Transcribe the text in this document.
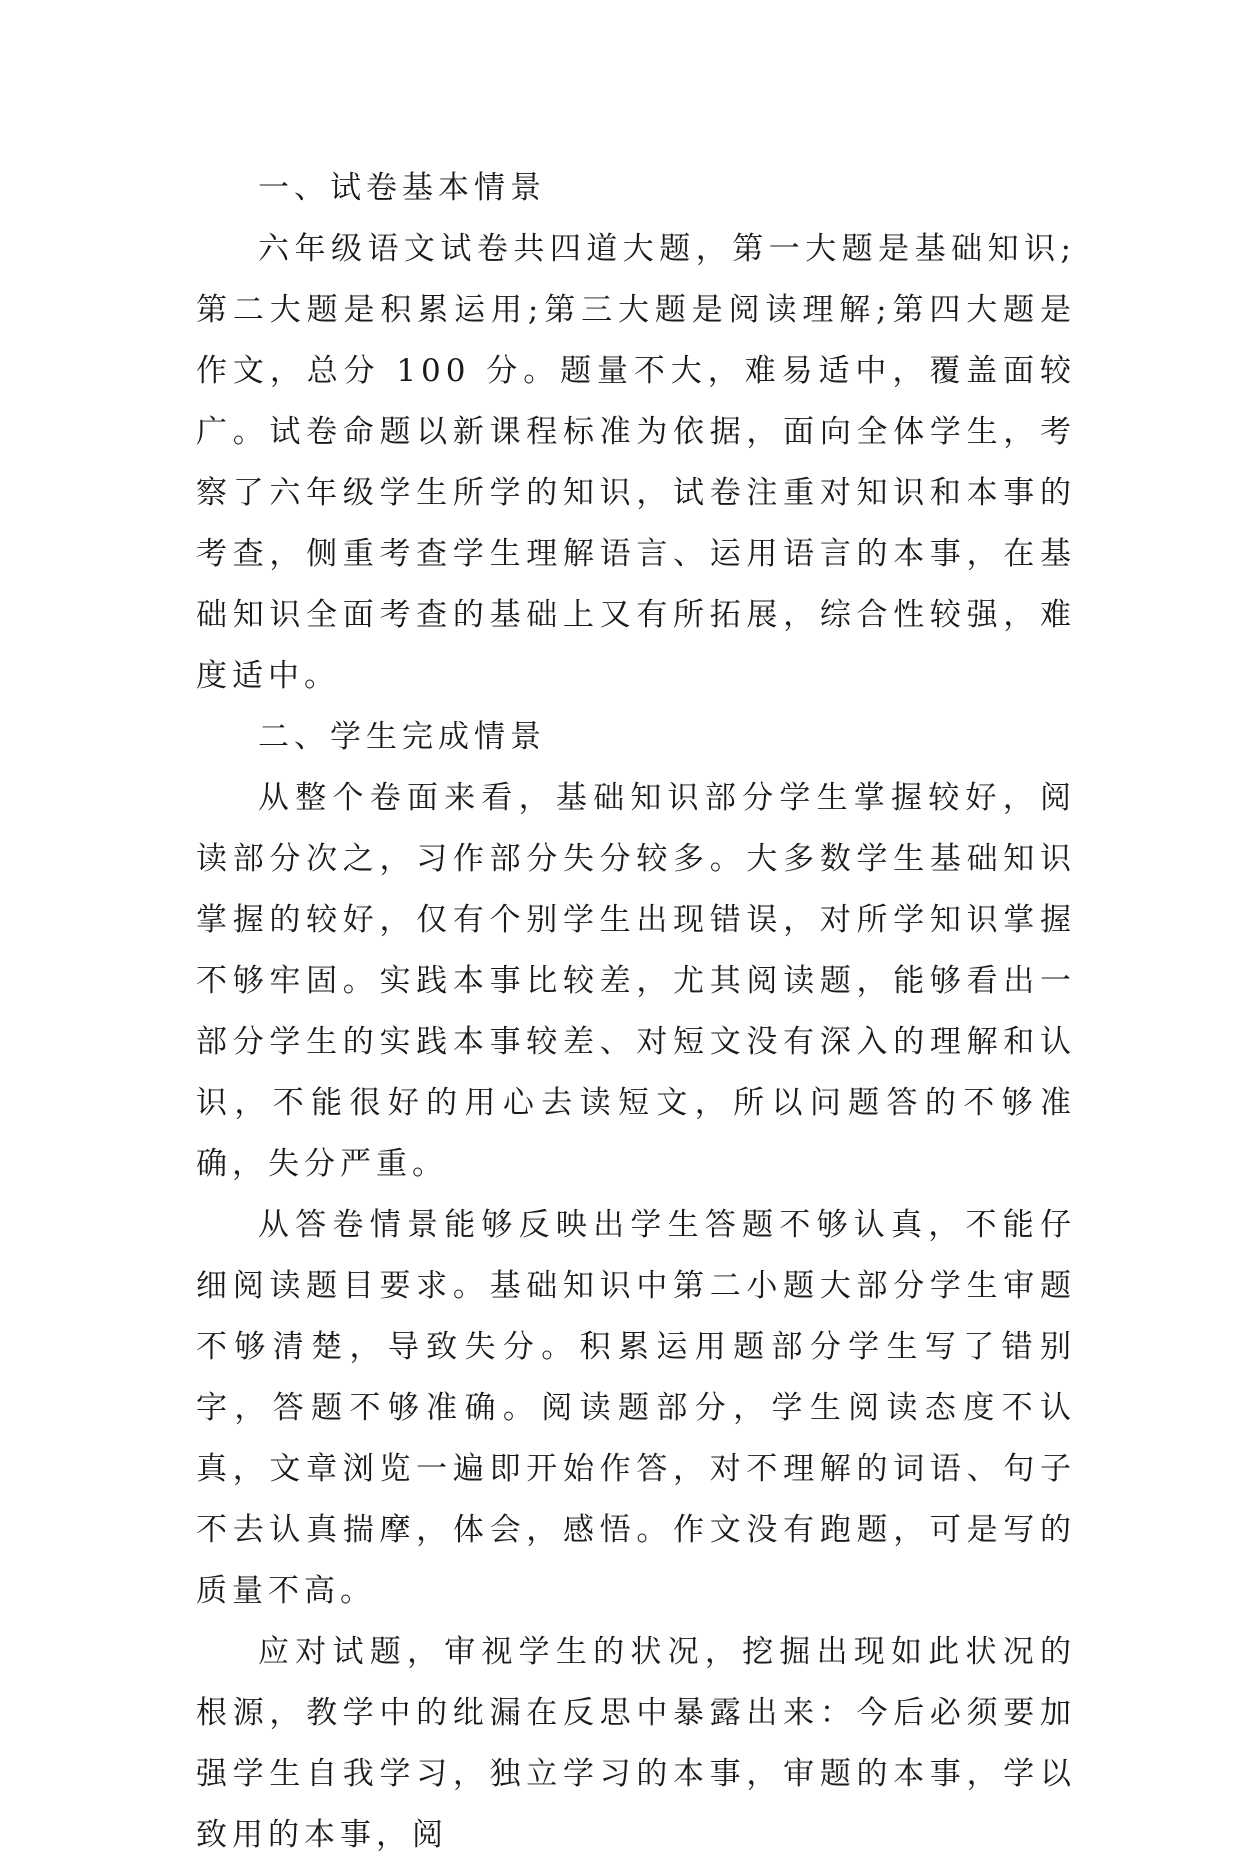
一、试卷基本情景

六年级语文试卷共四道大题，第一大题是基础知识;第二大题是积累运用;第三大题是阅读理解;第四大题是作文，总分 100 分。题量不大，难易适中，覆盖面较广。试卷命题以新课程标准为依据，面向全体学生，考察了六年级学生所学的知识，试卷注重对知识和本事的考查，侧重考查学生理解语言、运用语言的本事，在基础知识全面考查的基础上又有所拓展，综合性较强，难度适中。

二、学生完成情景

从整个卷面来看，基础知识部分学生掌握较好，阅读部分次之，习作部分失分较多。大多数学生基础知识掌握的较好，仅有个别学生出现错误，对所学知识掌握不够牢固。实践本事比较差，尤其阅读题，能够看出一部分学生的实践本事较差、对短文没有深入的理解和认识，不能很好的用心去读短文，所以问题答的不够准确，失分严重。

从答卷情景能够反映出学生答题不够认真，不能仔细阅读题目要求。基础知识中第二小题大部分学生审题不够清楚，导致失分。积累运用题部分学生写了错别字，答题不够准确。阅读题部分，学生阅读态度不认真，文章浏览一遍即开始作答，对不理解的词语、句子不去认真揣摩，体会，感悟。作文没有跑题，可是写的质量不高。

应对试题，审视学生的状况，挖掘出现如此状况的根源，教学中的纰漏在反思中暴露出来：今后必须要加强学生自我学习，独立学习的本事，审题的本事，学以致用的本事，阅
